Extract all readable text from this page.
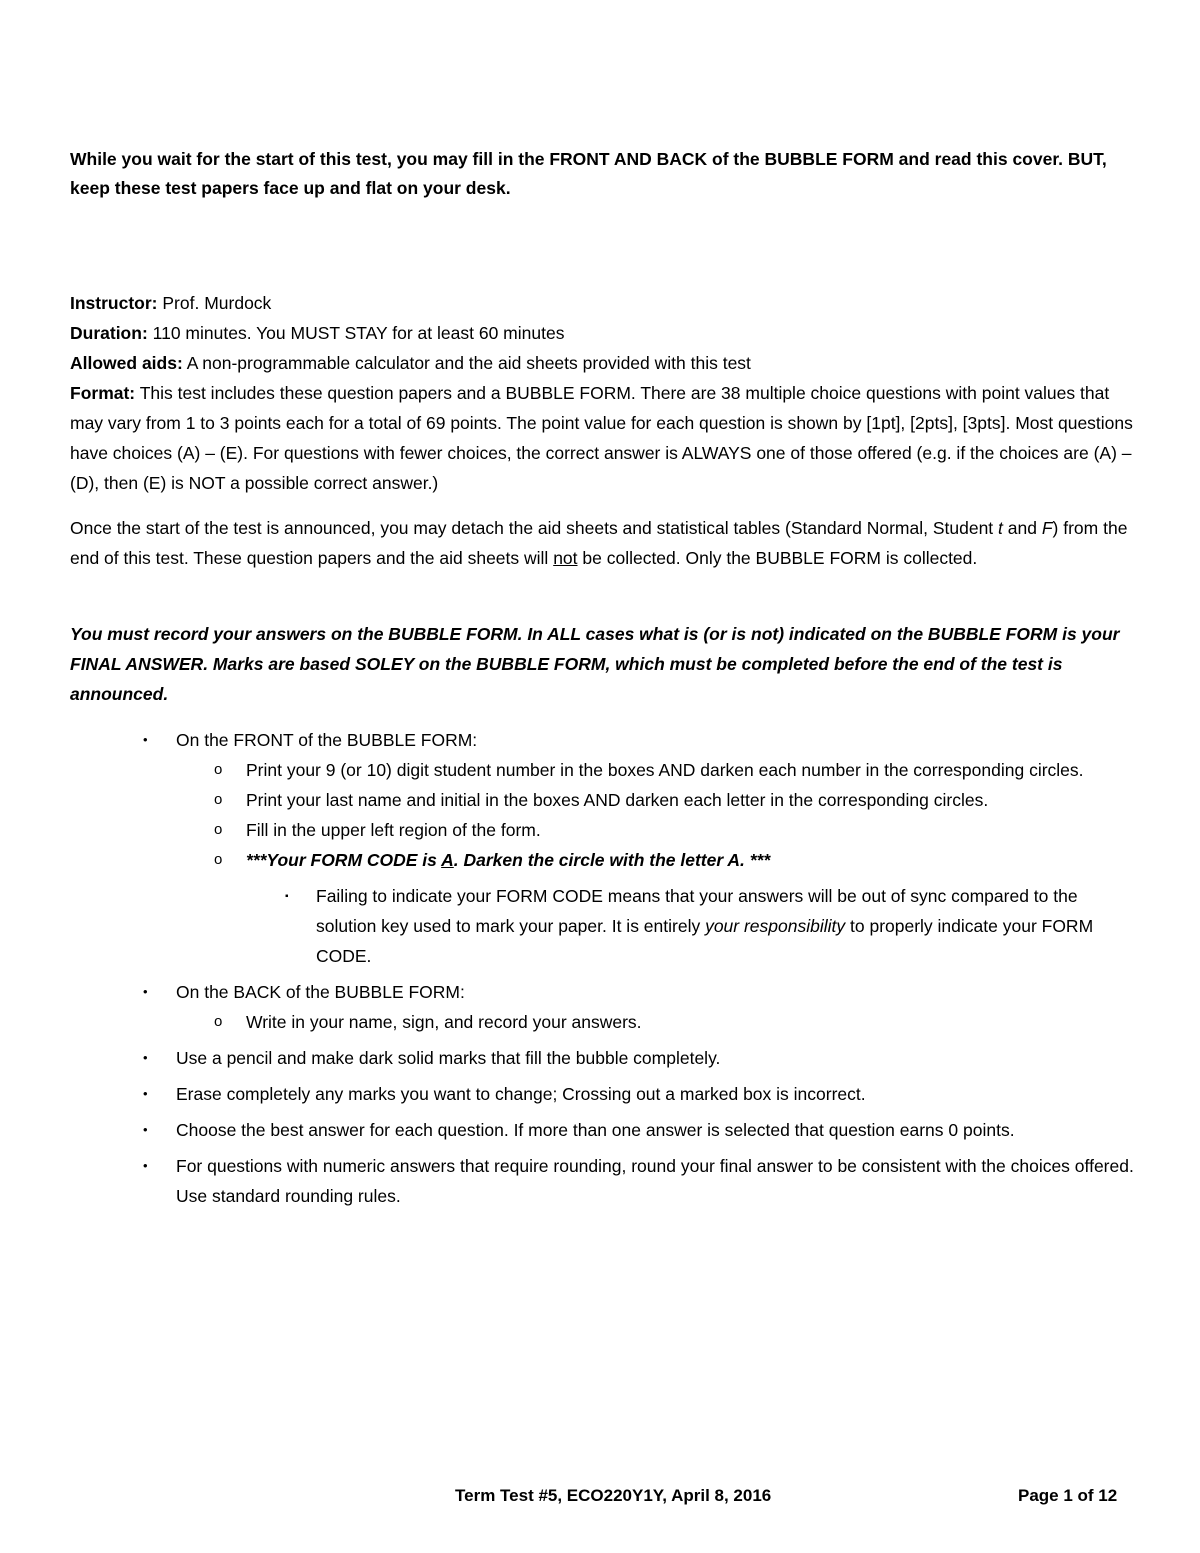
While you wait for the start of this test, you may fill in the FRONT AND BACK of the BUBBLE FORM and read this cover. BUT, keep these test papers face up and flat on your desk.
Instructor: Prof. Murdock
Duration: 110 minutes. You MUST STAY for at least 60 minutes
Allowed aids: A non-programmable calculator and the aid sheets provided with this test
Format: This test includes these question papers and a BUBBLE FORM. There are 38 multiple choice questions with point values that may vary from 1 to 3 points each for a total of 69 points. The point value for each question is shown by [1pt], [2pts], [3pts]. Most questions have choices (A) – (E). For questions with fewer choices, the correct answer is ALWAYS one of those offered (e.g. if the choices are (A) – (D), then (E) is NOT a possible correct answer.)
Once the start of the test is announced, you may detach the aid sheets and statistical tables (Standard Normal, Student t and F) from the end of this test. These question papers and the aid sheets will not be collected. Only the BUBBLE FORM is collected.
You must record your answers on the BUBBLE FORM. In ALL cases what is (or is not) indicated on the BUBBLE FORM is your FINAL ANSWER. Marks are based SOLEY on the BUBBLE FORM, which must be completed before the end of the test is announced.
• On the FRONT of the BUBBLE FORM:
o Print your 9 (or 10) digit student number in the boxes AND darken each number in the corresponding circles.
o Print your last name and initial in the boxes AND darken each letter in the corresponding circles.
o Fill in the upper left region of the form.
o ***Your FORM CODE is A. Darken the circle with the letter A. ***
▪ Failing to indicate your FORM CODE means that your answers will be out of sync compared to the solution key used to mark your paper. It is entirely your responsibility to properly indicate your FORM CODE.
• On the BACK of the BUBBLE FORM:
o Write in your name, sign, and record your answers.
• Use a pencil and make dark solid marks that fill the bubble completely.
• Erase completely any marks you want to change; Crossing out a marked box is incorrect.
• Choose the best answer for each question. If more than one answer is selected that question earns 0 points.
• For questions with numeric answers that require rounding, round your final answer to be consistent with the choices offered. Use standard rounding rules.
Term Test #5, ECO220Y1Y, April 8, 2016	Page 1 of 12
